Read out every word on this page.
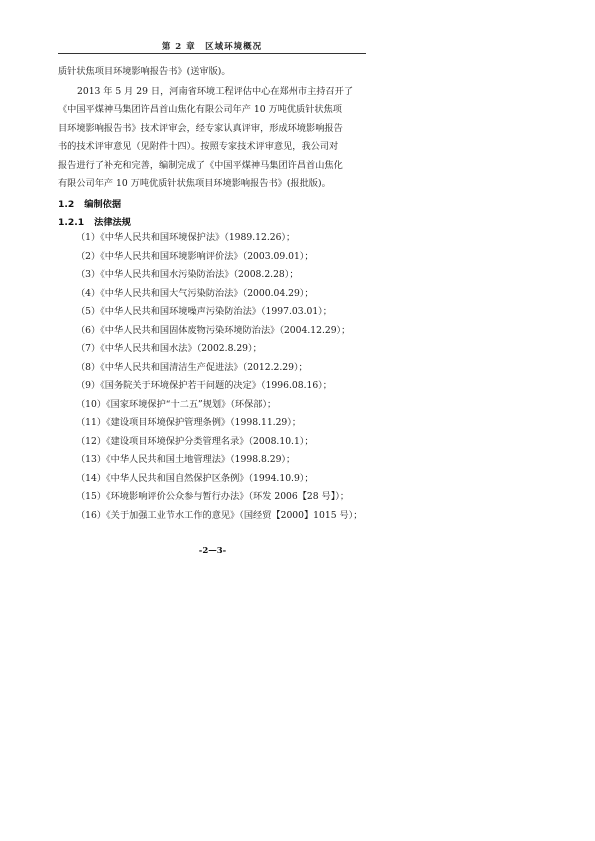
第 2 章　区域环境概况
质针状焦项目环境影响报告书》(送审版)。
2013 年 5 月 29 日，河南省环境工程评估中心在郑州市主持召开了
《中国平煤神马集团许昌首山焦化有限公司年产 10 万吨优质针状焦项
目环境影响报告书》技术评审会，经专家认真评审，形成环境影响报告
书的技术评审意见（见附件十四）。按照专家技术评审意见，我公司对
报告进行了补充和完善，编制完成了《中国平煤神马集团许昌首山焦化
有限公司年产 10 万吨优质针状焦项目环境影响报告书》(报批版)。
1.2 编制依据
1.2.1 法律法规
（1）《中华人民共和国环境保护法》（1989.12.26）；
（2）《中华人民共和国环境影响评价法》（2003.09.01）；
（3）《中华人民共和国水污染防治法》（2008.2.28）；
（4）《中华人民共和国大气污染防治法》（2000.04.29）；
（5）《中华人民共和国环境噪声污染防治法》（1997.03.01）；
（6）《中华人民共和国固体废物污染环境防治法》（2004.12.29）；
（7）《中华人民共和国水法》（2002.8.29）；
（8）《中华人民共和国清洁生产促进法》（2012.2.29）；
（9）《国务院关于环境保护若干问题的决定》（1996.08.16）；
（10）《国家环境保护“十二五”规划》（环保部）；
（11）《建设项目环境保护管理条例》（1998.11.29）；
（12）《建设项目环境保护分类管理名录》（2008.10.1）；
（13）《中华人民共和国土地管理法》（1998.8.29）；
（14）《中华人民共和国自然保护区条例》（1994.10.9）；
（15）《环境影响评价公众参与暂行办法》（环发 2006【28 号】）；
（16）《关于加强工业节水工作的意见》（国经贸【2000】1015 号）；
-2—3-
